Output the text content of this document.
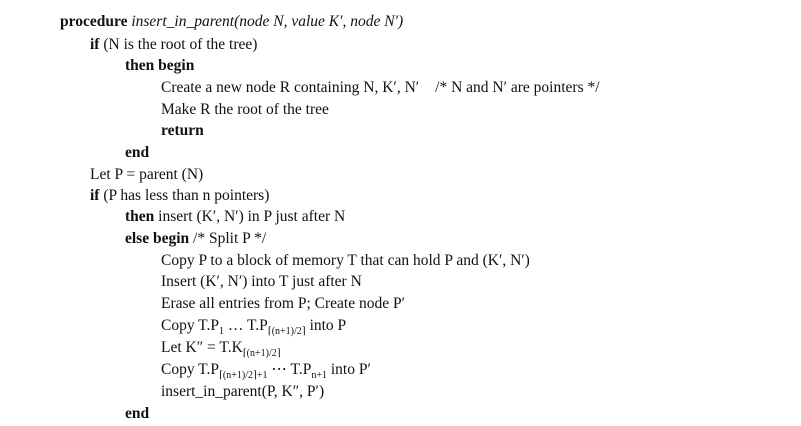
procedure insert_in_parent(node N, value K′, node N′)
if (N is the root of the tree)
then begin
Create a new node R containing N, K′, N′ /* N and N′ are pointers */
Make R the root of the tree
return
end
Let P = parent (N)
if (P has less than n pointers)
then insert (K′, N′) in P just after N
else begin /* Split P */
Copy P to a block of memory T that can hold P and (K′, N′)
Insert (K′, N′) into T just after N
Erase all entries from P; Create node P′
Copy $T.P_1$ … $T.P_{⌈(n+1)/2⌉}$ into P
Let $K'' = T.K_{⌈(n+1)/2⌉}$
Copy $T.P_{⌈(n+1)/2⌉+1}$ ⋯ $T.P_{n+1}$ into P′
insert_in_parent(P, K″, P′)
end
